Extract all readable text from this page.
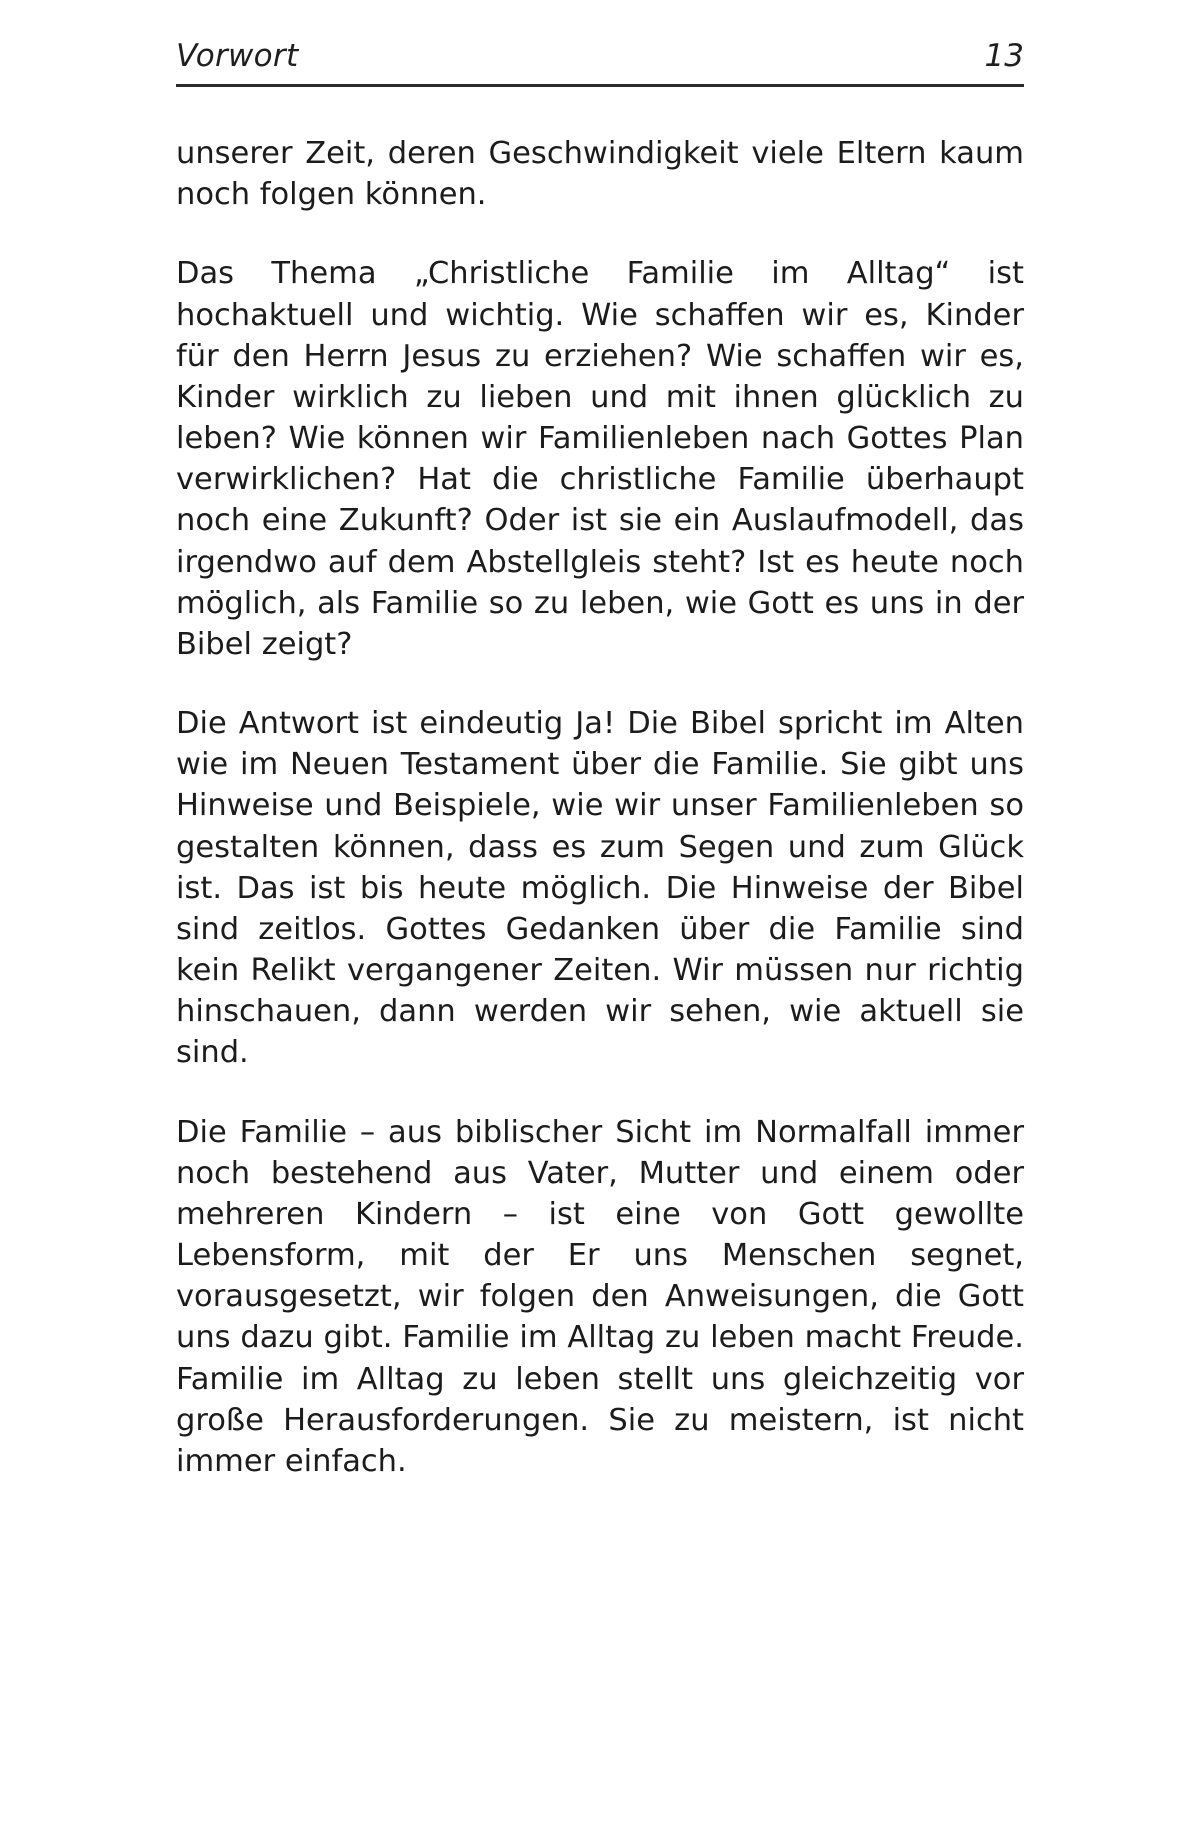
Vorwort	13

unserer Zeit, deren Geschwindigkeit viele Eltern kaum noch folgen können.

Das Thema „Christliche Familie im Alltag“ ist hochaktuell und wichtig. Wie schaffen wir es, Kinder für den Herrn Jesus zu erziehen? Wie schaffen wir es, Kinder wirklich zu lieben und mit ihnen glücklich zu leben? Wie können wir Familienleben nach Gottes Plan verwirklichen? Hat die christliche Familie überhaupt noch eine Zukunft? Oder ist sie ein Auslaufmodell, das irgendwo auf dem Abstellgleis steht? Ist es heute noch möglich, als Familie so zu leben, wie Gott es uns in der Bibel zeigt?

Die Antwort ist eindeutig Ja! Die Bibel spricht im Alten wie im Neuen Testament über die Familie. Sie gibt uns Hinweise und Beispiele, wie wir unser Familienleben so gestalten können, dass es zum Segen und zum Glück ist. Das ist bis heute möglich. Die Hinweise der Bibel sind zeitlos. Gottes Gedanken über die Familie sind kein Relikt vergangener Zeiten. Wir müssen nur richtig hinschauen, dann werden wir sehen, wie aktuell sie sind.

Die Familie – aus biblischer Sicht im Normalfall immer noch bestehend aus Vater, Mutter und einem oder mehreren Kindern – ist eine von Gott gewollte Lebensform, mit der Er uns Menschen segnet, vorausgesetzt, wir folgen den Anweisungen, die Gott uns dazu gibt. Familie im Alltag zu leben macht Freude. Familie im Alltag zu leben stellt uns gleichzeitig vor große Herausforderungen. Sie zu meistern, ist nicht immer einfach.
